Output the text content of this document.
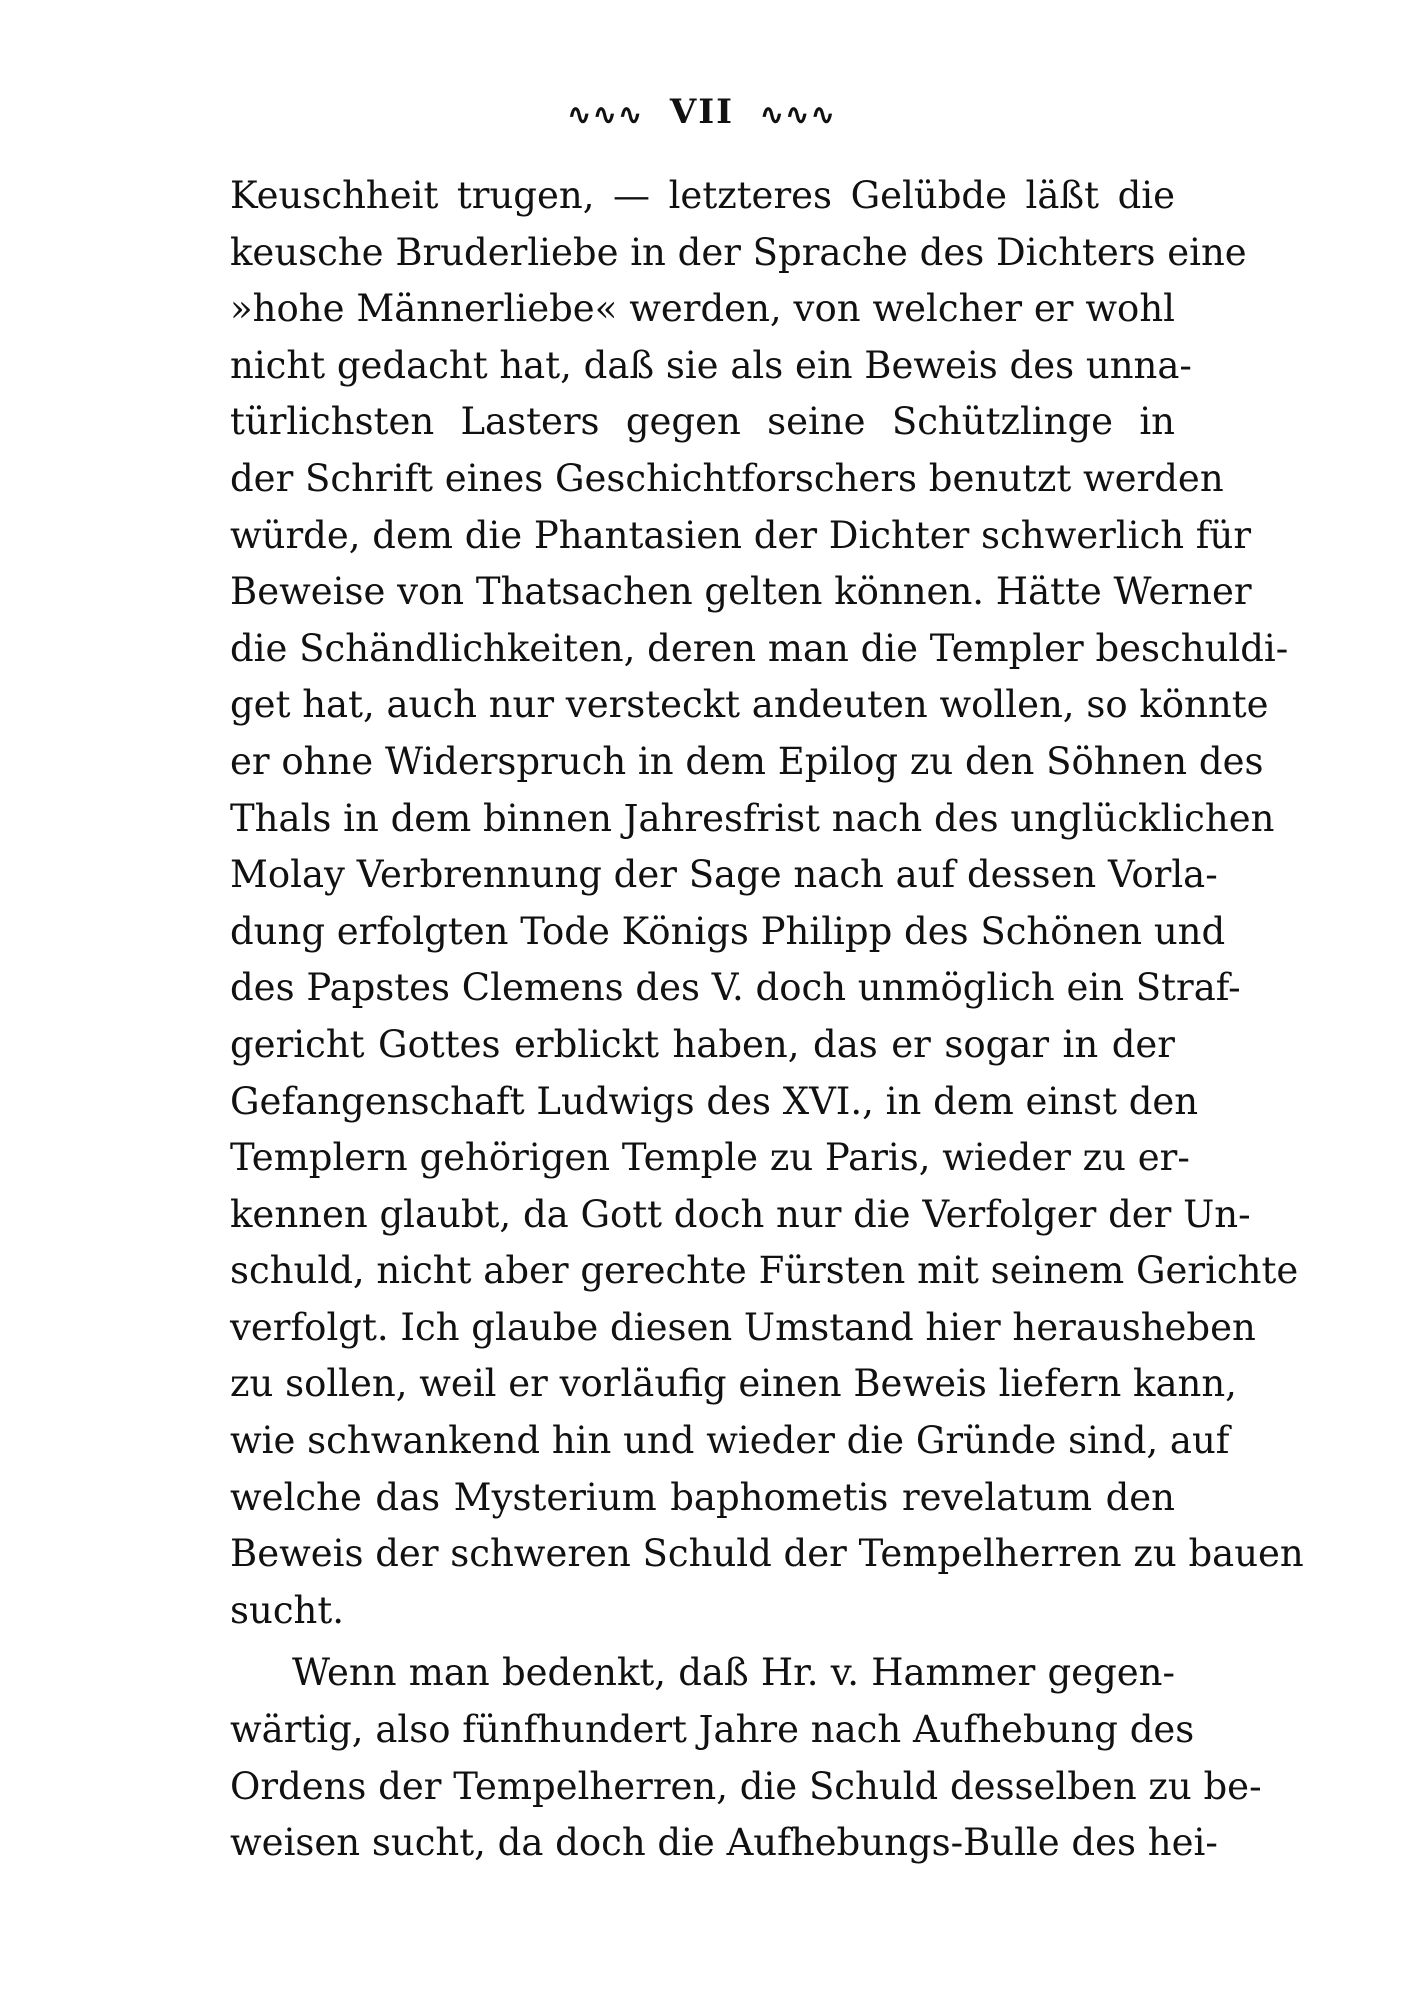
∿∿∿ VII ∿∿∿

Keuschheit trugen, — letzteres Gelübde läßt die

keusche Bruderliebe in der Sprache des Dichters eine

»hohe Männerliebe« werden, von welcher er wohl

nicht gedacht hat, daß sie als ein Beweis des unna-

türlichsten Lasters gegen seine Schützlinge in

der Schrift eines Geschichtforschers benutzt werden

würde, dem die Phantasien der Dichter schwerlich für

Beweise von Thatsachen gelten können. Hätte Werner

die Schändlichkeiten, deren man die Templer beschuldi-

get hat, auch nur versteckt andeuten wollen, so könnte

er ohne Widerspruch in dem Epilog zu den Söhnen des

Thals in dem binnen Jahresfrist nach des unglücklichen

Molay Verbrennung der Sage nach auf dessen Vorla-

dung erfolgten Tode Königs Philipp des Schönen und

des Papstes Clemens des V. doch unmöglich ein Straf-

gericht Gottes erblickt haben, das er sogar in der

Gefangenschaft Ludwigs des XVI., in dem einst den

Templern gehörigen Temple zu Paris, wieder zu er-

kennen glaubt, da Gott doch nur die Verfolger der Un-

schuld, nicht aber gerechte Fürsten mit seinem Gerichte

verfolgt. Ich glaube diesen Umstand hier herausheben

zu sollen, weil er vorläufig einen Beweis liefern kann,

wie schwankend hin und wieder die Gründe sind, auf

welche das Mysterium baphometis revelatum den

Beweis der schweren Schuld der Tempelherren zu bauen

sucht.

Wenn man bedenkt, daß Hr. v. Hammer gegen-

wärtig, also fünfhundert Jahre nach Aufhebung des

Ordens der Tempelherren, die Schuld desselben zu be-

weisen sucht, da doch die Aufhebungs-Bulle des hei-
